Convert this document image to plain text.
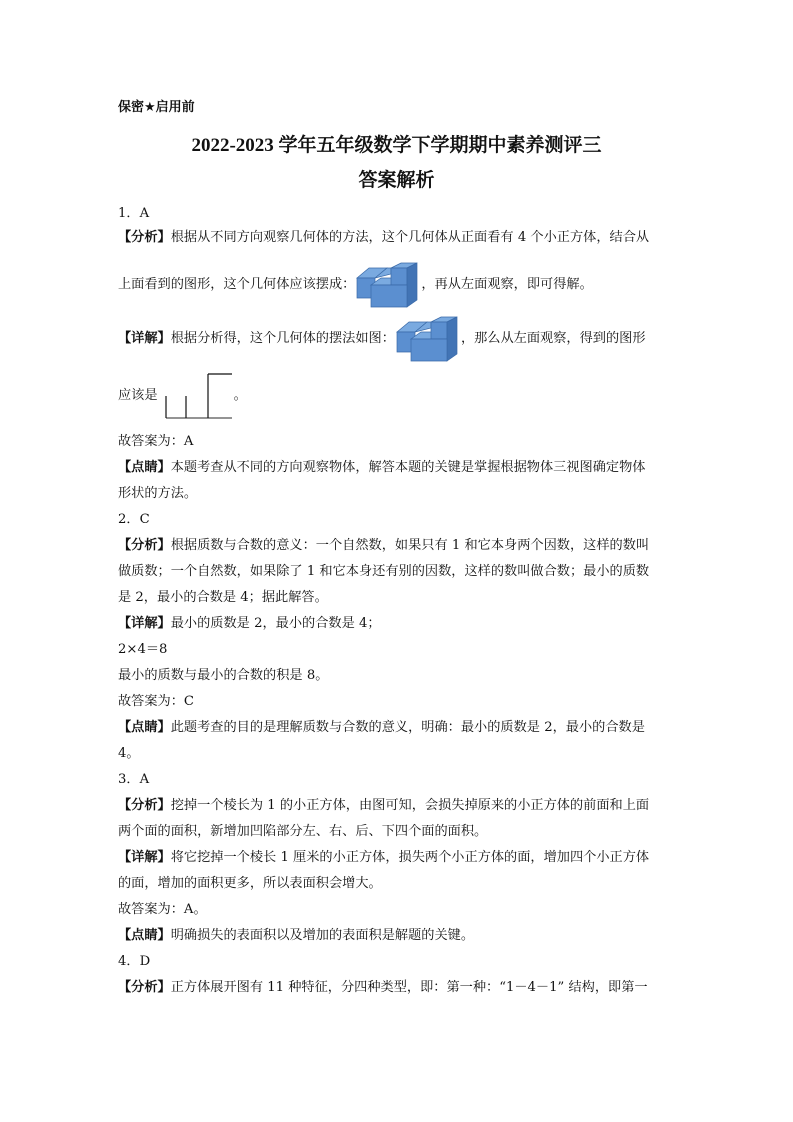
保密★启用前
2022-2023 学年五年级数学下学期期中素养测评三
答案解析
1．A
【分析】根据从不同方向观察几何体的方法，这个几何体从正面看有 4 个小正方体，结合从
上面看到的图形，这个几何体应该摆成：	，再从左面观察，即可得解。
【详解】根据分析得，这个几何体的摆法如图：	，那么从左面观察，得到的图形
应该是	。
故答案为：A
【点睛】本题考查从不同的方向观察物体，解答本题的关键是掌握根据物体三视图确定物体
形状的方法。
2．C
【分析】根据质数与合数的意义：一个自然数，如果只有 1 和它本身两个因数，这样的数叫
做质数；一个自然数，如果除了 1 和它本身还有别的因数，这样的数叫做合数；最小的质数
是 2，最小的合数是 4；据此解答。
【详解】最小的质数是 2，最小的合数是 4；
2×4＝8
最小的质数与最小的合数的积是 8。
故答案为：C
【点睛】此题考查的目的是理解质数与合数的意义，明确：最小的质数是 2，最小的合数是
4。
3．A
【分析】挖掉一个棱长为 1 的小正方体，由图可知，会损失掉原来的小正方体的前面和上面
两个面的面积，新增加凹陷部分左、右、后、下四个面的面积。
【详解】将它挖掉一个棱长 1 厘米的小正方体，损失两个小正方体的面，增加四个小正方体
的面，增加的面积更多，所以表面积会增大。
故答案为：A。
【点睛】明确损失的表面积以及增加的表面积是解题的关键。
4．D
【分析】正方体展开图有 11 种特征，分四种类型，即：第一种：“1－4－1” 结构，即第一
